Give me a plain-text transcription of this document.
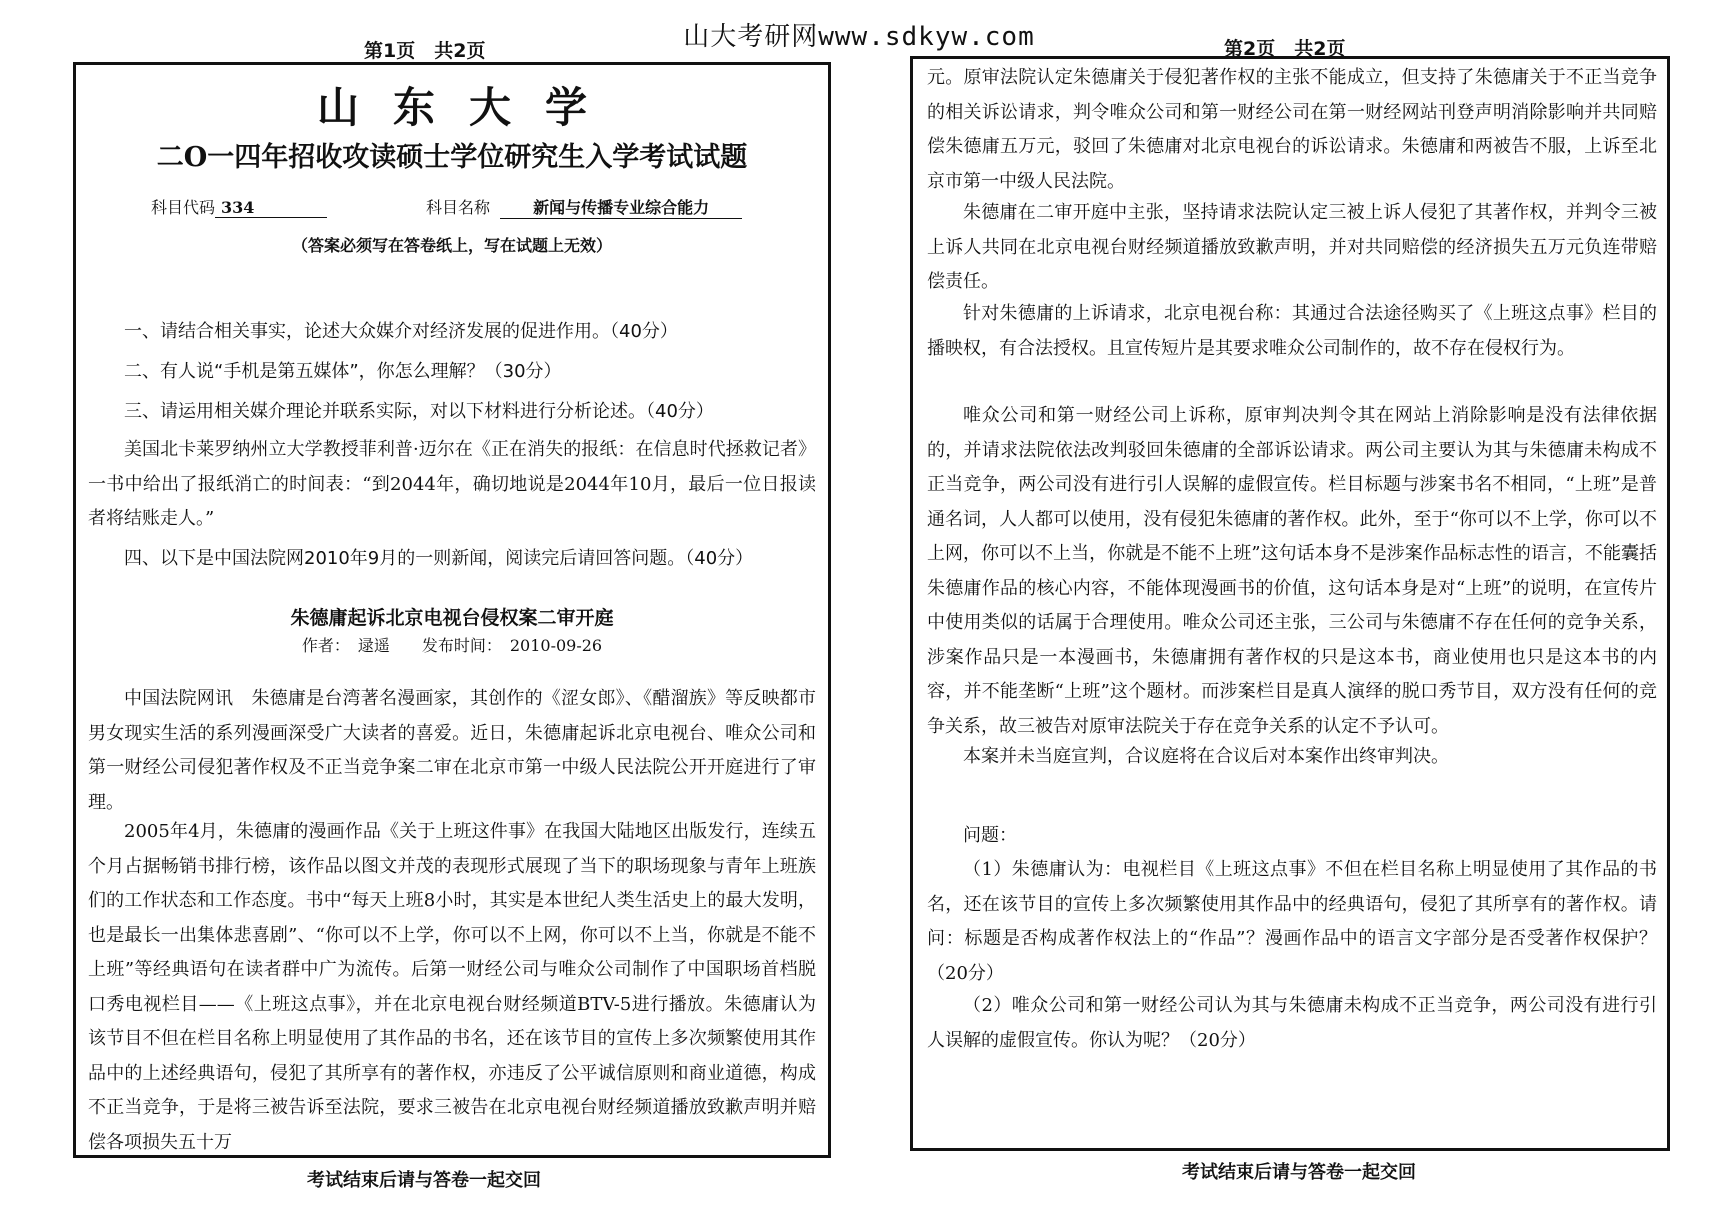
山大考研网www.sdkyw.com
第1页　共2页	第2页　共2页
山东大学
二O一四年招收攻读硕士学位研究生入学考试试题
科目代码 334	科目名称	新闻与传播专业综合能力
（答案必须写在答卷纸上，写在试题上无效）
一、请结合相关事实，论述大众媒介对经济发展的促进作用。（40分）
二、有人说“手机是第五媒体”，你怎么理解？（30分）
三、请运用相关媒介理论并联系实际，对以下材料进行分析论述。（40分）
美国北卡莱罗纳州立大学教授菲利普·迈尔在《正在消失的报纸：在信息时代拯救记者》一书中给出了报纸消亡的时间表：“到2044年，确切地说是2044年10月，最后一位日报读者将结账走人。”
四、以下是中国法院网2010年9月的一则新闻，阅读完后请回答问题。（40分）
朱德庸起诉北京电视台侵权案二审开庭
作者：　逯遥　　发布时间：　2010-09-26
中国法院网讯　朱德庸是台湾著名漫画家，其创作的《涩女郎》、《醋溜族》等反映都市男女现实生活的系列漫画深受广大读者的喜爱。近日，朱德庸起诉北京电视台、唯众公司和第一财经公司侵犯著作权及不正当竞争案二审在北京市第一中级人民法院公开开庭进行了审理。
2005年4月，朱德庸的漫画作品《关于上班这件事》在我国大陆地区出版发行，连续五个月占据畅销书排行榜，该作品以图文并茂的表现形式展现了当下的职场现象与青年上班族们的工作状态和工作态度。书中“每天上班8小时，其实是本世纪人类生活史上的最大发明，也是最长一出集体悲喜剧”、“你可以不上学，你可以不上网，你可以不上当，你就是不能不上班”等经典语句在读者群中广为流传。后第一财经公司与唯众公司制作了中国职场首档脱口秀电视栏目——《上班这点事》，并在北京电视台财经频道BTV-5进行播放。朱德庸认为该节目不但在栏目名称上明显使用了其作品的书名，还在该节目的宣传上多次频繁使用其作品中的上述经典语句，侵犯了其所享有的著作权，亦违反了公平诚信原则和商业道德，构成不正当竞争，于是将三被告诉至法院，要求三被告在北京电视台财经频道播放致歉声明并赔偿各项损失五十万
考试结束后请与答卷一起交回
元。原审法院认定朱德庸关于侵犯著作权的主张不能成立，但支持了朱德庸关于不正当竞争的相关诉讼请求，判令唯众公司和第一财经公司在第一财经网站刊登声明消除影响并共同赔偿朱德庸五万元，驳回了朱德庸对北京电视台的诉讼请求。朱德庸和两被告不服，上诉至北京市第一中级人民法院。
朱德庸在二审开庭中主张，坚持请求法院认定三被上诉人侵犯了其著作权，并判令三被上诉人共同在北京电视台财经频道播放致歉声明，并对共同赔偿的经济损失五万元负连带赔偿责任。
针对朱德庸的上诉请求，北京电视台称：其通过合法途径购买了《上班这点事》栏目的播映权，有合法授权。且宣传短片是其要求唯众公司制作的，故不存在侵权行为。
唯众公司和第一财经公司上诉称，原审判决判令其在网站上消除影响是没有法律依据的，并请求法院依法改判驳回朱德庸的全部诉讼请求。两公司主要认为其与朱德庸未构成不正当竞争，两公司没有进行引人误解的虚假宣传。栏目标题与涉案书名不相同，“上班”是普通名词，人人都可以使用，没有侵犯朱德庸的著作权。此外，至于“你可以不上学，你可以不上网，你可以不上当，你就是不能不上班”这句话本身不是涉案作品标志性的语言，不能囊括朱德庸作品的核心内容，不能体现漫画书的价值，这句话本身是对“上班”的说明，在宣传片中使用类似的话属于合理使用。唯众公司还主张，三公司与朱德庸不存在任何的竞争关系，涉案作品只是一本漫画书，朱德庸拥有著作权的只是这本书，商业使用也只是这本书的内容，并不能垄断“上班”这个题材。而涉案栏目是真人演绎的脱口秀节目，双方没有任何的竞争关系，故三被告对原审法院关于存在竞争关系的认定不予认可。
本案并未当庭宣判，合议庭将在合议后对本案作出终审判决。
问题：
（1）朱德庸认为：电视栏目《上班这点事》不但在栏目名称上明显使用了其作品的书名，还在该节目的宣传上多次频繁使用其作品中的经典语句，侵犯了其所享有的著作权。请问：标题是否构成著作权法上的“作品”？漫画作品中的语言文字部分是否受著作权保护？（20分）
（2）唯众公司和第一财经公司认为其与朱德庸未构成不正当竞争，两公司没有进行引人误解的虚假宣传。你认为呢？（20分）
考试结束后请与答卷一起交回
